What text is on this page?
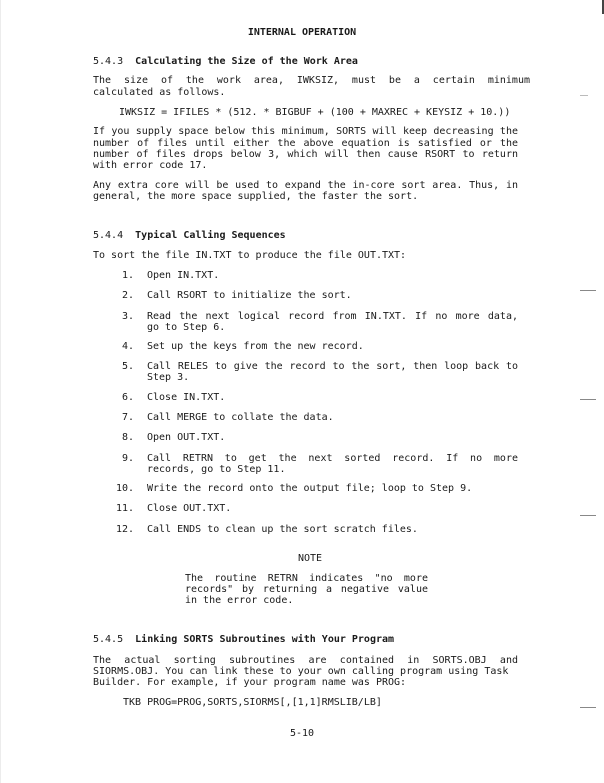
INTERNAL OPERATION
5.4.3 Calculating the Size of the Work Area
The size of the work area, IWKSIZ, must be a certain minimum
calculated as follows.
IWKSIZ = IFILES * (512. * BIGBUF + (100 + MAXREC + KEYSIZ + 10.))
If you supply space below this minimum, SORTS will keep decreasing the
number of files until either the above equation is satisfied or the
number of files drops below 3, which will then cause RSORT to return
with error code 17.
Any extra core will be used to expand the in-core sort area. Thus, in
general, the more space supplied, the faster the sort.
5.4.4 Typical Calling Sequences
To sort the file IN.TXT to produce the file OUT.TXT:
1. Open IN.TXT.
2. Call RSORT to initialize the sort.
3. Read the next logical record from IN.TXT. If no more data,
go to Step 6.
4. Set up the keys from the new record.
5. Call RELES to give the record to the sort, then loop back to
Step 3.
6. Close IN.TXT.
7. Call MERGE to collate the data.
8. Open OUT.TXT.
9. Call RETRN to get the next sorted record. If no more
records, go to Step 11.
10. Write the record onto the output file; loop to Step 9.
11. Close OUT.TXT.
12. Call ENDS to clean up the sort scratch files.
NOTE
The routine RETRN indicates "no more
records" by returning a negative value
in the error code.
5.4.5 Linking SORTS Subroutines with Your Program
The actual sorting subroutines are contained in SORTS.OBJ and
SIORMS.OBJ. You can link these to your own calling program using Task
Builder. For example, if your program name was PROG:
TKB PROG=PROG,SORTS,SIORMS[,[1,1]RMSLIB/LB]
5-10
